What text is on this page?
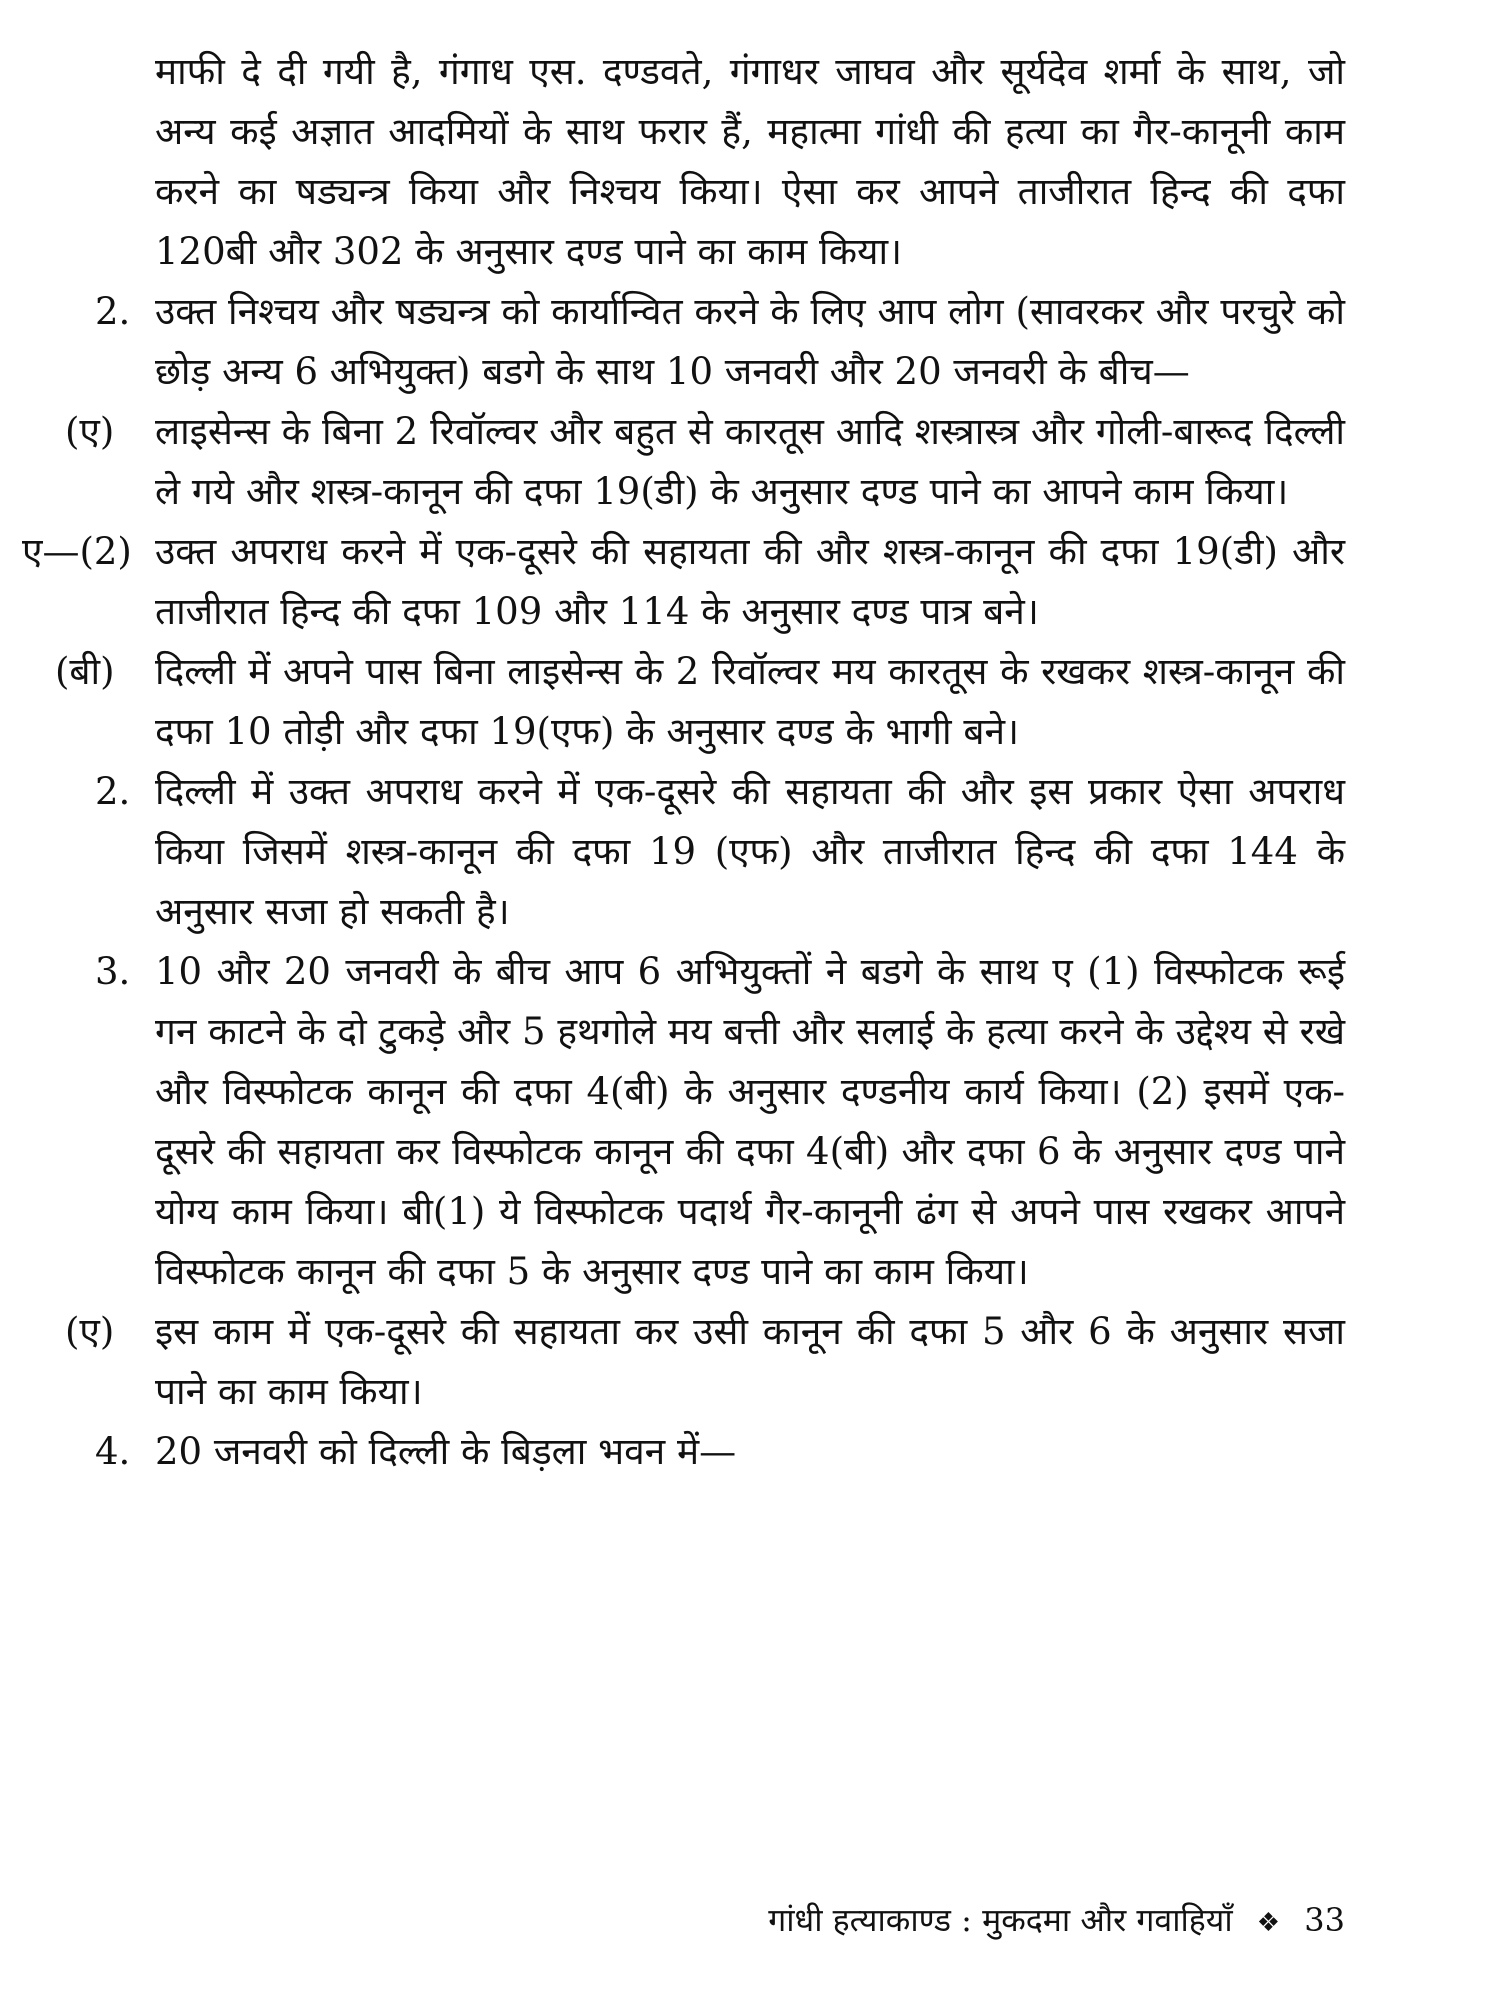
माफी दे दी गयी है, गंगाध एस. दण्डवते, गंगाधर जाघव और सूर्यदेव शर्मा के साथ, जो अन्य कई अज्ञात आदमियों के साथ फरार हैं, महात्मा गांधी की हत्या का गैर-कानूनी काम करने का षड्यन्त्र किया और निश्चय किया। ऐसा कर आपने ताजीरात हिन्द की दफा 120बी और 302 के अनुसार दण्ड पाने का काम किया।

2. उक्त निश्चय और षड्यन्त्र को कार्यान्वित करने के लिए आप लोग (सावरकर और परचुरे को छोड़ अन्य 6 अभियुक्त) बडगे के साथ 10 जनवरी और 20 जनवरी के बीच—

(ए) लाइसेन्स के बिना 2 रिवॉल्वर और बहुत से कारतूस आदि शस्त्रास्त्र और गोली-बारूद दिल्ली ले गये और शस्त्र-कानून की दफा 19(डी) के अनुसार दण्ड पाने का आपने काम किया।

ए—(2) उक्त अपराध करने में एक-दूसरे की सहायता की और शस्त्र-कानून की दफा 19(डी) और ताजीरात हिन्द की दफा 109 और 114 के अनुसार दण्ड पात्र बने।

(बी) दिल्ली में अपने पास बिना लाइसेन्स के 2 रिवॉल्वर मय कारतूस के रखकर शस्त्र-कानून की दफा 10 तोड़ी और दफा 19(एफ) के अनुसार दण्ड के भागी बने।

2. दिल्ली में उक्त अपराध करने में एक-दूसरे की सहायता की और इस प्रकार ऐसा अपराध किया जिसमें शस्त्र-कानून की दफा 19 (एफ) और ताजीरात हिन्द की दफा 144 के अनुसार सजा हो सकती है।

3. 10 और 20 जनवरी के बीच आप 6 अभियुक्तों ने बडगे के साथ ए (1) विस्फोटक रूई गन काटने के दो टुकड़े और 5 हथगोले मय बत्ती और सलाई के हत्या करने के उद्देश्य से रखे और विस्फोटक कानून की दफा 4(बी) के अनुसार दण्डनीय कार्य किया। (2) इसमें एक-दूसरे की सहायता कर विस्फोटक कानून की दफा 4(बी) और दफा 6 के अनुसार दण्ड पाने योग्य काम किया। बी(1) ये विस्फोटक पदार्थ गैर-कानूनी ढंग से अपने पास रखकर आपने विस्फोटक कानून की दफा 5 के अनुसार दण्ड पाने का काम किया।

(ए) इस काम में एक-दूसरे की सहायता कर उसी कानून की दफा 5 और 6 के अनुसार सजा पाने का काम किया।

4. 20 जनवरी को दिल्ली के बिड़ला भवन में—

गांधी हत्याकाण्ड : मुकदमा और गवाहियाँ ❖ 33
